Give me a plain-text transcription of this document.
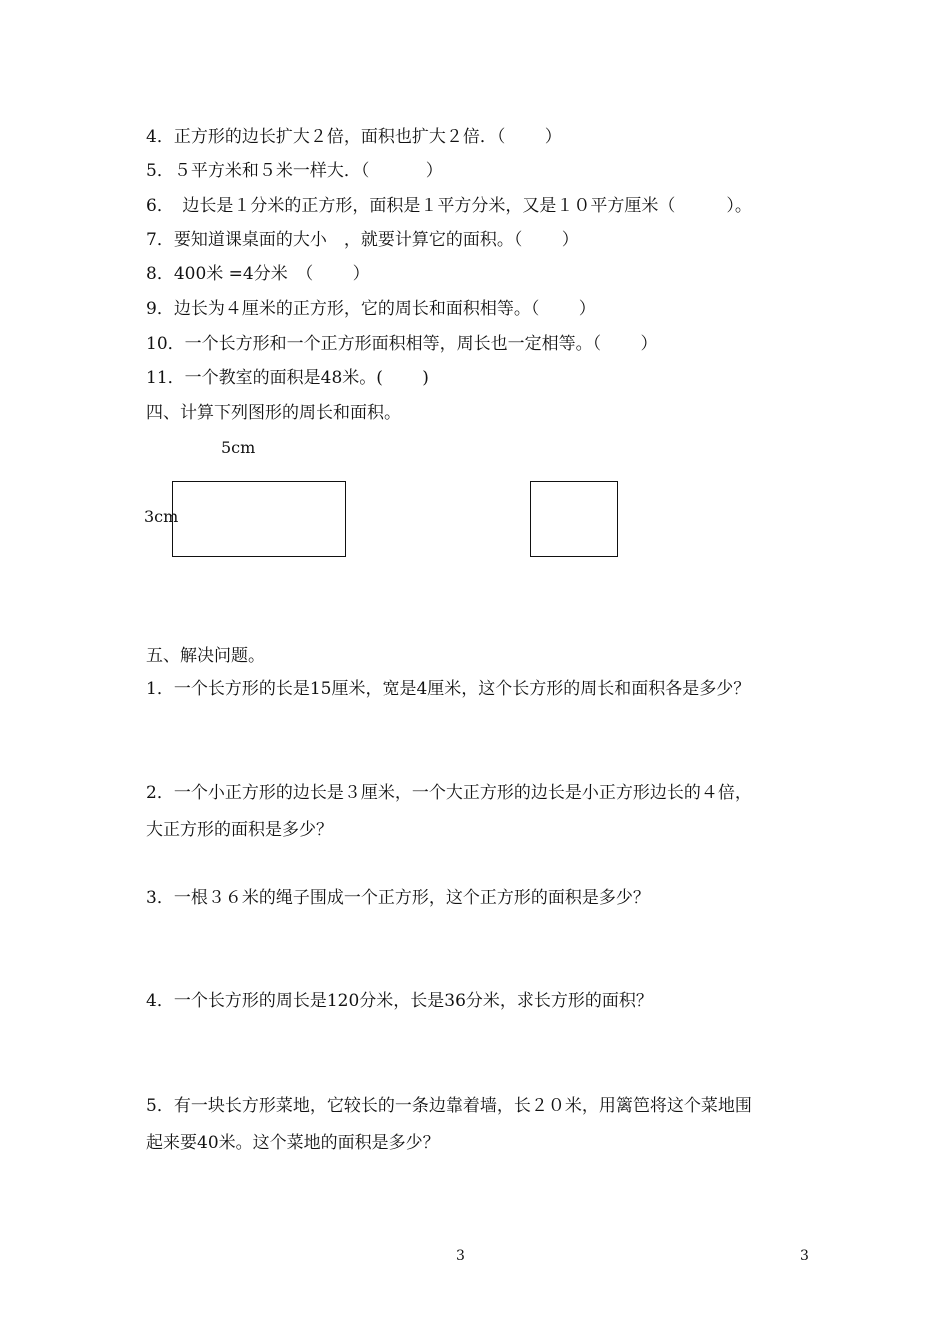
4．正方形的边长扩大２倍，面积也扩大２倍．（　　 ）
5．５平方米和５米一样大．（　　　 ）
6．　边长是１分米的正方形，面积是１平方分米，又是１０平方厘米（　　　）。
7．要知道课桌面的大小　，就要计算它的面积。（　　 ）
8．400米 =4分米　（　　 ）
9．边长为４厘米的正方形，它的周长和面积相等。（　　 ）
10．一个长方形和一个正方形面积相等，周长也一定相等。（　　 ）
11．一个教室的面积是48米。(　　 )
四、计算下列图形的周长和面积。
5cm
3cm
五、解决问题。
1．一个长方形的长是15厘米，宽是4厘米，这个长方形的周长和面积各是多少？
2．一个小正方形的边长是３厘米，一个大正方形的边长是小正方形边长的４倍，
大正方形的面积是多少？
3．一根３６米的绳子围成一个正方形，这个正方形的面积是多少？
4．一个长方形的周长是120分米，长是36分米，求长方形的面积？
5．有一块长方形菜地，它较长的一条边靠着墙，长２０米，用篱笆将这个菜地围
起来要40米。这个菜地的面积是多少？
3	3
